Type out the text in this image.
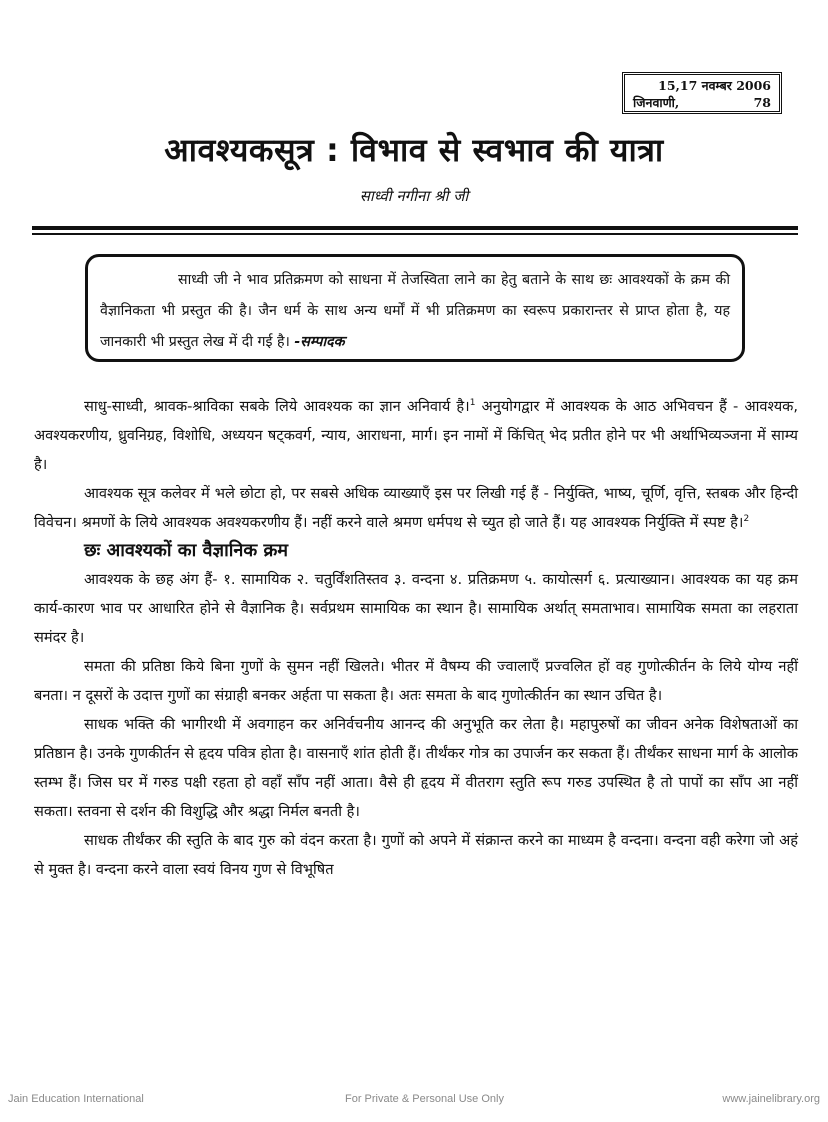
15,17 नवम्बर 2006
जिनवाणी,	78
आवश्यकसूत्र : विभाव से स्वभाव की यात्रा
साध्वी नगीना श्री जी

साध्वी जी ने भाव प्रतिक्रमण को साधना में तेजस्विता लाने का हेतु बताने के साथ छः आवश्यकों के क्रम की वैज्ञानिकता भी प्रस्तुत की है। जैन धर्म के साथ अन्य धर्मों में भी प्रतिक्रमण का स्वरूप प्रकारान्तर से प्राप्त होता है, यह जानकारी भी प्रस्तुत लेख में दी गई है। -सम्पादक

साधु-साध्वी, श्रावक-श्राविका सबके लिये आवश्यक का ज्ञान अनिवार्य है।$^1$ अनुयोगद्वार में आवश्यक के आठ अभिवचन हैं - आवश्यक, अवश्यकरणीय, ध्रुवनिग्रह, विशोधि, अध्ययन षट्कवर्ग, न्याय, आराधना, मार्ग। इन नामों में किंचित् भेद प्रतीत होने पर भी अर्थाभिव्यञ्जना में साम्य है।

आवश्यक सूत्र कलेवर में भले छोटा हो, पर सबसे अधिक व्याख्याएँ इस पर लिखी गई हैं - निर्युक्ति, भाष्य, चूर्णि, वृत्ति, स्तबक और हिन्दी विवेचन। श्रमणों के लिये आवश्यक अवश्यकरणीय हैं। नहीं करने वाले श्रमण धर्मपथ से च्युत हो जाते हैं। यह आवश्यक निर्युक्ति में स्पष्ट है।$^2$

छः आवश्यकों का वैज्ञानिक क्रम

आवश्यक के छह अंग हैं- १. सामायिक २. चतुर्विंशतिस्तव ३. वन्दना ४. प्रतिक्रमण ५. कायोत्सर्ग ६. प्रत्याख्यान। आवश्यक का यह क्रम कार्य-कारण भाव पर आधारित होने से वैज्ञानिक है। सर्वप्रथम सामायिक का स्थान है। सामायिक अर्थात् समताभाव। सामायिक समता का लहराता समंदर है।

समता की प्रतिष्ठा किये बिना गुणों के सुमन नहीं खिलते। भीतर में वैषम्य की ज्वालाएँ प्रज्वलित हों वह गुणोत्कीर्तन के लिये योग्य नहीं बनता। न दूसरों के उदात्त गुणों का संग्राही बनकर अर्हता पा सकता है। अतः समता के बाद गुणोत्कीर्तन का स्थान उचित है।

साधक भक्ति की भागीरथी में अवगाहन कर अनिर्वचनीय आनन्द की अनुभूति कर लेता है। महापुरुषों का जीवन अनेक विशेषताओं का प्रतिष्ठान है। उनके गुणकीर्तन से हृदय पवित्र होता है। वासनाएँ शांत होती हैं। तीर्थंकर गोत्र का उपार्जन कर सकता हैं। तीर्थंकर साधना मार्ग के आलोक स्तम्भ हैं। जिस घर में गरुड पक्षी रहता हो वहाँ साँप नहीं आता। वैसे ही हृदय में वीतराग स्तुति रूप गरुड उपस्थित है तो पापों का साँप आ नहीं सकता। स्तवना से दर्शन की विशुद्धि और श्रद्धा निर्मल बनती है।

साधक तीर्थंकर की स्तुति के बाद गुरु को वंदन करता है। गुणों को अपने में संक्रान्त करने का माध्यम है वन्दना। वन्दना वही करेगा जो अहं से मुक्त है। वन्दना करने वाला स्वयं विनय गुण से विभूषित

Jain Education International	For Private & Personal Use Only	www.jainelibrary.org
